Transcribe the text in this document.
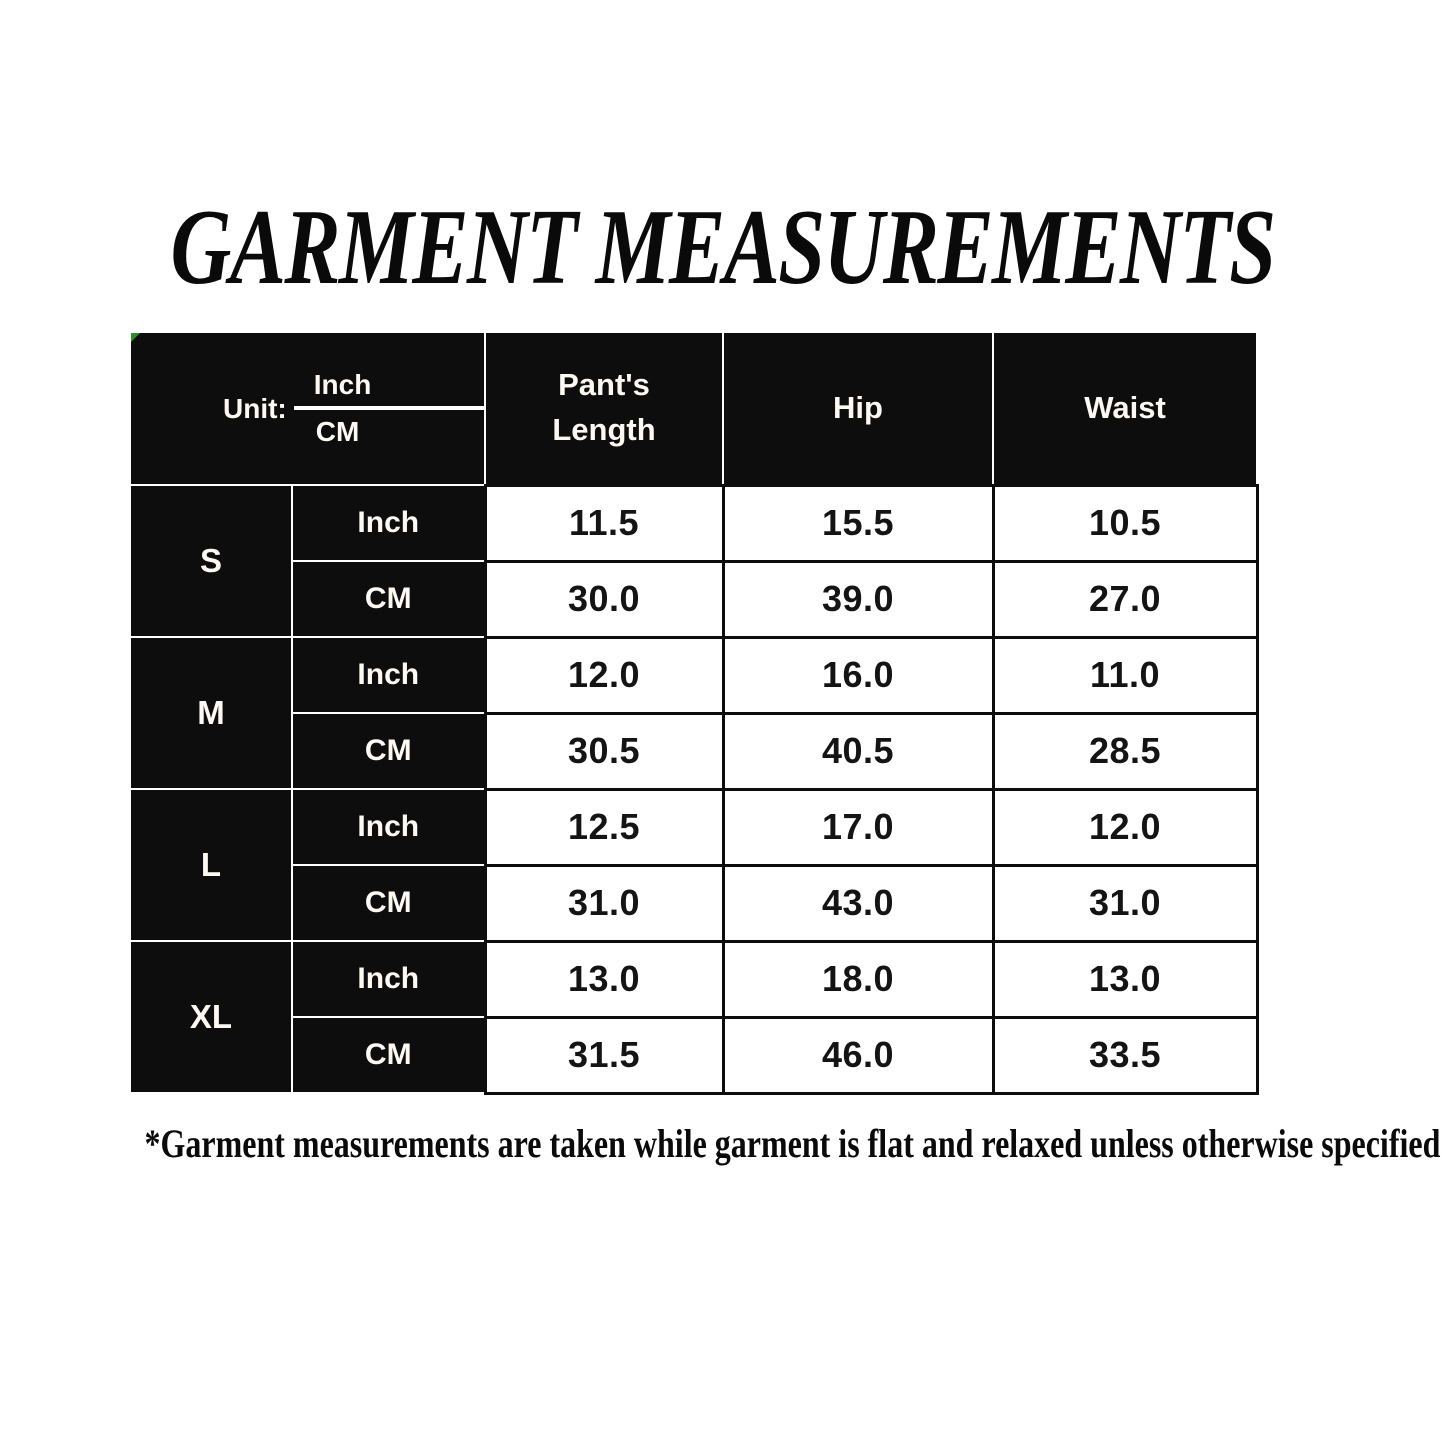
GARMENT MEASUREMENTS
Unit: $\frac{\text{Inch}}{CM}$		Pant's Length	Hip	Waist
S	Inch	11.5	15.5	10.5
	CM	30.0	39.0	27.0
M	Inch	12.0	16.0	11.0
	CM	30.5	40.5	28.5
L	Inch	12.5	17.0	12.0
	CM	31.0	43.0	31.0
XL	Inch	13.0	18.0	13.0
	CM	31.5	46.0	33.5

*Garment measurements are taken while garment is flat and relaxed unless otherwise specified
